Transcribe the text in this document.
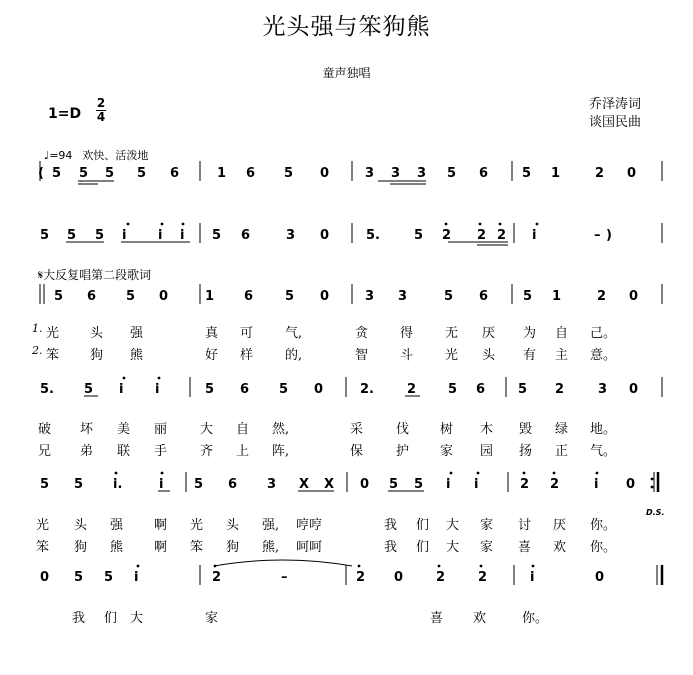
光头强与笨狗熊
童声独唱
乔泽涛词
谈国民曲
1=D
2
4
♩=94 欢快、活泼地
𝄋大反复唱第二段歌词
D.S.
( 5 5 5 5 6	1 6 5 0	3 3 3 5 6	5 1	2 0
5 5 5 i i i 5 6	3 0	5.	5 2 2 2 i	– )
5 6 5 0	1 6 5 0	3 3	5 6	5 1	2 0
5. 5 i i	5 6 5 0	2.	2 5 6	5 2	3 0
5 5 i.	i 5 6 3 X X 0 5 5 i i	2 2	i 0
0 5 5 i	2	–	2 0	2	2	i	0
1. 光 头 强	真 可 气,	贪 得 无 厌 为 自 己。
2. 笨 狗 熊	好 样 的,	智 斗 光 头 有 主 意。
破 坏 美 丽	大 自 然,	采	伐 树 木 毁 绿 地。
兄 弟 联 手	齐 上 阵,	保	护 家 园 扬 正 气。
光 头 强 啊 光 头 强, 哼哼	我 们 大 家 讨 厌 你。
笨 狗 熊 啊 笨 狗 熊, 呵呵	我 们 大 家 喜 欢 你。
我 们 大	家	喜 欢	你。
